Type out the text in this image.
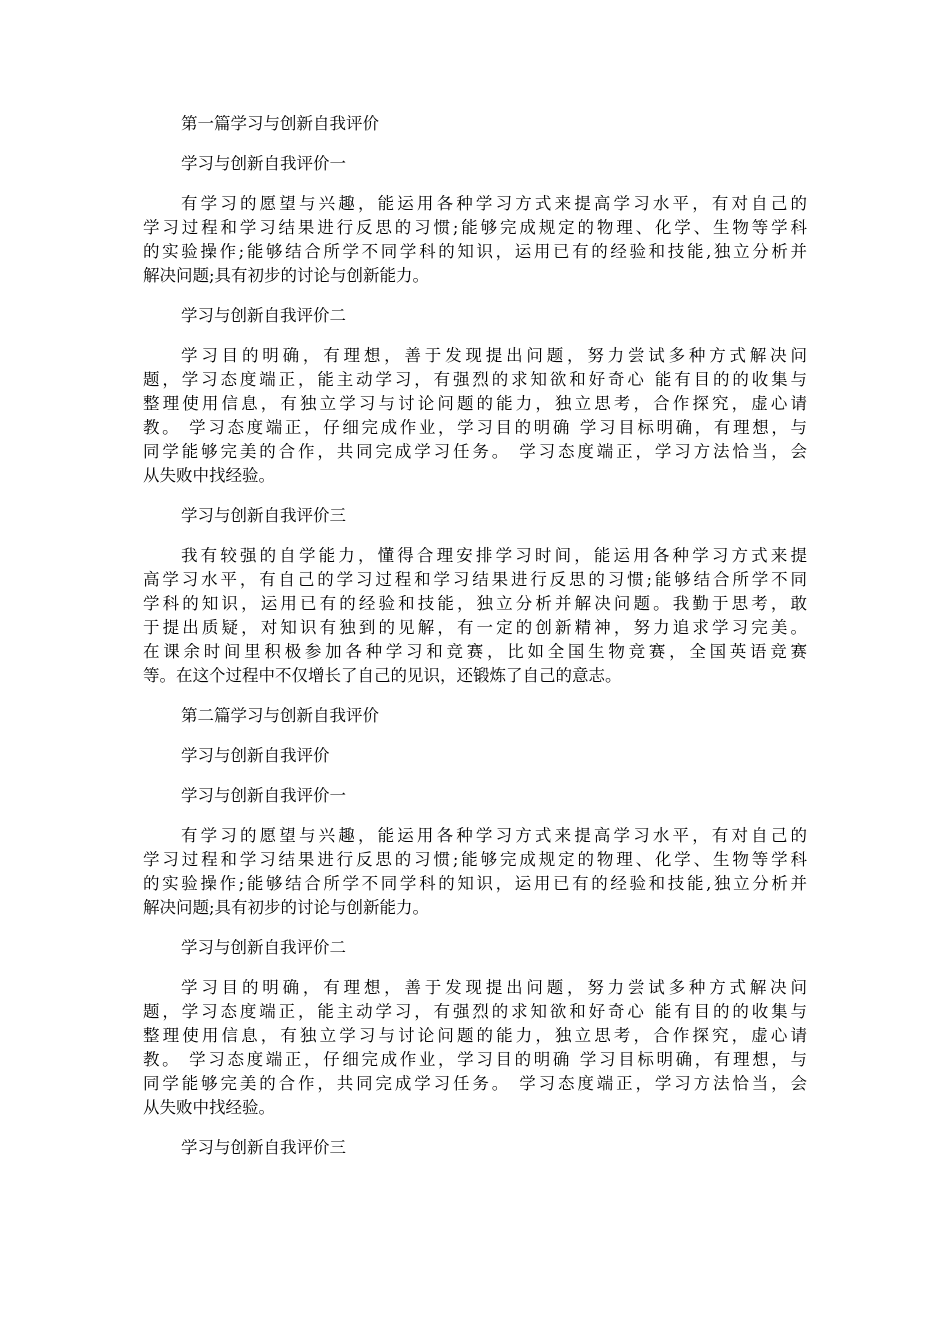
第一篇学习与创新自我评价
学习与创新自我评价一
有学习的愿望与兴趣，能运用各种学习方式来提高学习水平，有对自己的
学习过程和学习结果进行反思的习惯;能够完成规定的物理、化学、生物等学科
的实验操作;能够结合所学不同学科的知识，运用已有的经验和技能,独立分析并
解决问题;具有初步的讨论与创新能力。
学习与创新自我评价二
学习目的明确，有理想，善于发现提出问题，努力尝试多种方式解决问
题，学习态度端正，能主动学习，有强烈的求知欲和好奇心 能有目的的收集与
整理使用信息，有独立学习与讨论问题的能力，独立思考，合作探究，虚心请
教。 学习态度端正，仔细完成作业，学习目的明确 学习目标明确，有理想，与
同学能够完美的合作，共同完成学习任务。 学习态度端正，学习方法恰当，会
从失败中找经验。
学习与创新自我评价三
我有较强的自学能力，懂得合理安排学习时间，能运用各种学习方式来提
高学习水平，有自己的学习过程和学习结果进行反思的习惯;能够结合所学不同
学科的知识，运用已有的经验和技能，独立分析并解决问题。我勤于思考，敢
于提出质疑，对知识有独到的见解，有一定的创新精神，努力追求学习完美。
在课余时间里积极参加各种学习和竞赛，比如全国生物竞赛，全国英语竞赛
等。在这个过程中不仅增长了自己的见识，还锻炼了自己的意志。
第二篇学习与创新自我评价
学习与创新自我评价
学习与创新自我评价一
有学习的愿望与兴趣，能运用各种学习方式来提高学习水平，有对自己的
学习过程和学习结果进行反思的习惯;能够完成规定的物理、化学、生物等学科
的实验操作;能够结合所学不同学科的知识，运用已有的经验和技能,独立分析并
解决问题;具有初步的讨论与创新能力。
学习与创新自我评价二
学习目的明确，有理想，善于发现提出问题，努力尝试多种方式解决问
题，学习态度端正，能主动学习，有强烈的求知欲和好奇心 能有目的的收集与
整理使用信息，有独立学习与讨论问题的能力，独立思考，合作探究，虚心请
教。 学习态度端正，仔细完成作业，学习目的明确 学习目标明确，有理想，与
同学能够完美的合作，共同完成学习任务。 学习态度端正，学习方法恰当，会
从失败中找经验。
学习与创新自我评价三
